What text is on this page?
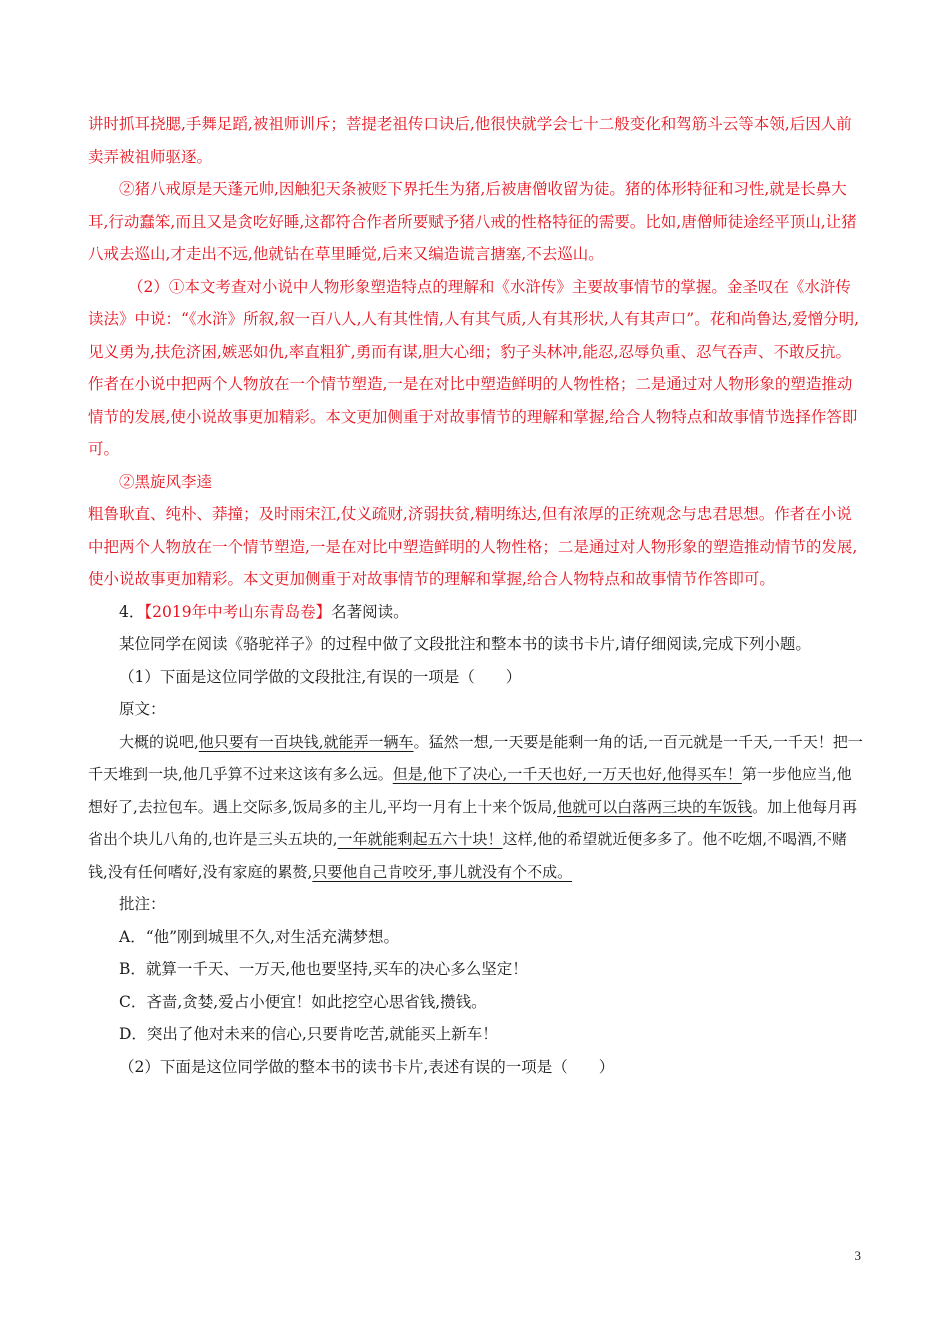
讲时抓耳挠腮,手舞足蹈,被祖师训斥；菩提老祖传口诀后,他很快就学会七十二般变化和驾筋斗云等本领,后因人前卖弄被祖师驱逐。

②猪八戒原是天蓬元帅,因触犯天条被贬下界托生为猪,后被唐僧收留为徒。猪的体形特征和习性,就是长鼻大耳,行动蠢笨,而且又是贪吃好睡,这都符合作者所要赋予猪八戒的性格特征的需要。比如,唐僧师徒途经平顶山,让猪八戒去巡山,才走出不远,他就钻在草里睡觉,后来又编造谎言搪塞,不去巡山。

（2）①本文考查对小说中人物形象塑造特点的理解和《水浒传》主要故事情节的掌握。金圣叹在《水浒传读法》中说：“《水浒》所叙,叙一百八人,人有其性情,人有其气质,人有其形状,人有其声口”。花和尚鲁达,爱憎分明,见义勇为,扶危济困,嫉恶如仇,率直粗犷,勇而有谋,胆大心细；豹子头林冲,能忍,忍辱负重、忍气吞声、不敢反抗。作者在小说中把两个人物放在一个情节塑造,一是在对比中塑造鲜明的人物性格；二是通过对人物形象的塑造推动情节的发展,使小说故事更加精彩。本文更加侧重于对故事情节的理解和掌握,给合人物特点和故事情节选择作答即可。

②黑旋风李逵

粗鲁耿直、纯朴、莽撞；及时雨宋江,仗义疏财,济弱扶贫,精明练达,但有浓厚的正统观念与忠君思想。作者在小说中把两个人物放在一个情节塑造,一是在对比中塑造鲜明的人物性格；二是通过对人物形象的塑造推动情节的发展,使小说故事更加精彩。本文更加侧重于对故事情节的理解和掌握,给合人物特点和故事情节作答即可。

4．【2019年中考山东青岛卷】名著阅读。

某位同学在阅读《骆驼祥子》的过程中做了文段批注和整本书的读书卡片,请仔细阅读,完成下列小题。

（1）下面是这位同学做的文段批注,有误的一项是（　　）

原文：

大概的说吧,他只要有一百块钱,就能弄一辆车。猛然一想,一天要是能剩一角的话,一百元就是一千天,一千天！把一千天堆到一块,他几乎算不过来这该有多么远。但是,他下了决心,一千天也好,一万天也好,他得买车！第一步他应当,他想好了,去拉包车。遇上交际多,饭局多的主儿,平均一月有上十来个饭局,他就可以白落两三块的车饭钱。加上他每月再省出个块儿八角的,也许是三头五块的,一年就能剩起五六十块！这样,他的希望就近便多多了。他不吃烟,不喝酒,不赌钱,没有任何嗜好,没有家庭的累赘,只要他自己肯咬牙,事儿就没有个不成。

批注：

A．“他”刚到城里不久,对生活充满梦想。

B．就算一千天、一万天,他也要坚持,买车的决心多么坚定！

C．吝啬,贪婪,爱占小便宜！如此挖空心思省钱,攒钱。

D．突出了他对未来的信心,只要肯吃苦,就能买上新车！

（2）下面是这位同学做的整本书的读书卡片,表述有误的一项是（　　）

3
